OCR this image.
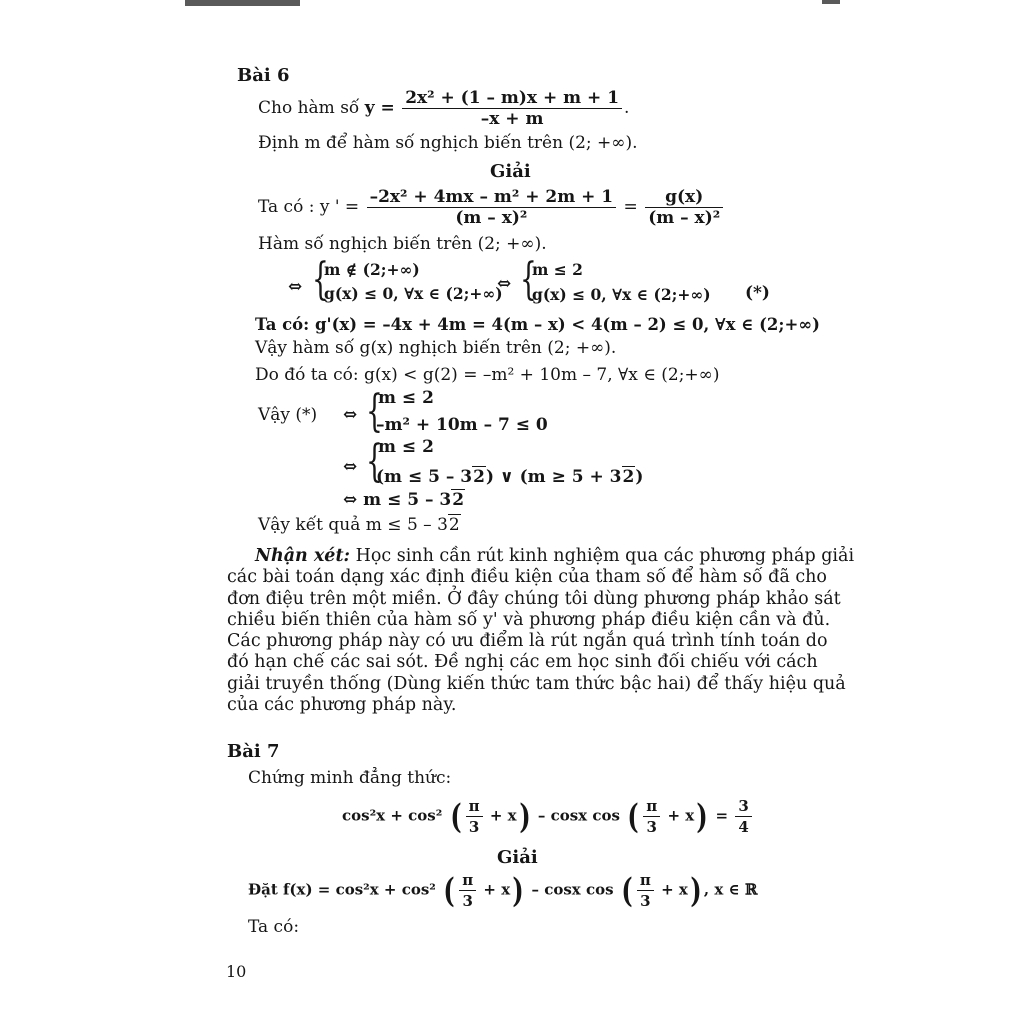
Bài 6
Cho hàm số $y = \frac{\text{2x² + (1 – m)x + m + 1}}{-x + m}$ .
Định m để hàm số nghịch biến trên (2; +∞).
Giải
Ta có : y ' = $\frac{\text{–2x² + 4mx – m² + 2m + 1}}{\text{(m – x)²}} = \frac{g(x)}{\text{(m – x)²}}$
Hàm số nghịch biến trên (2; +∞).
⇔ {
m ∉ (2;+∞)
g(x) ≤ 0, ∀x ∈ (2;+∞)
⇔ {
m ≤ 2
g(x) ≤ 0, ∀x ∈ (2;+∞) (*)
Ta có: g'(x) = –4x + 4m = 4(m – x) < 4(m – 2) ≤ 0, ∀x ∈ (2;+∞)
Vậy hàm số g(x) nghịch biến trên (2; +∞).
Do đó ta có: g(x) < g(2) = –m² + 10m – 7, ∀x ∈ (2;+∞)
Vậy (*) ⇔ {
m ≤ 2
–m² + 10m – 7 ≤ 0
⇔ {
m ≤ 2
(m ≤ 5 – 32) ∨ (m ≥ 5 + 32)
⇔ m ≤ 5 – 32
Vậy kết quả m ≤ 5 – 32
Nhận xét: Học sinh cần rút kinh nghiệm qua các phương pháp giải
các bài toán dạng xác định điều kiện của tham số để hàm số đã cho
đơn điệu trên một miền. Ở đây chúng tôi dùng phương pháp khảo sát
chiều biến thiên của hàm số y' và phương pháp điều kiện cần và đủ.
Các phương pháp này có ưu điểm là rút ngắn quá trình tính toán do
đó hạn chế các sai sót. Đề nghị các em học sinh đối chiếu với cách
giải truyền thống (Dùng kiến thức tam thức bậc hai) để thấy hiệu quả
của các phương pháp này.
Bài 7
Chứng minh đẳng thức:
cos²x + cos² ( $\frac{\pi}{3} + x) - \cos x$ cos ( $\frac{\pi}{3} + x) = \frac{3}{4}$
Giải
Đặt f(x) = cos²x + cos² ( $\frac{\pi}{3} + x) - \cos x$ cos ( $\frac{\pi}{3} + x$) , x ∈ ℝ
Ta có:
10
